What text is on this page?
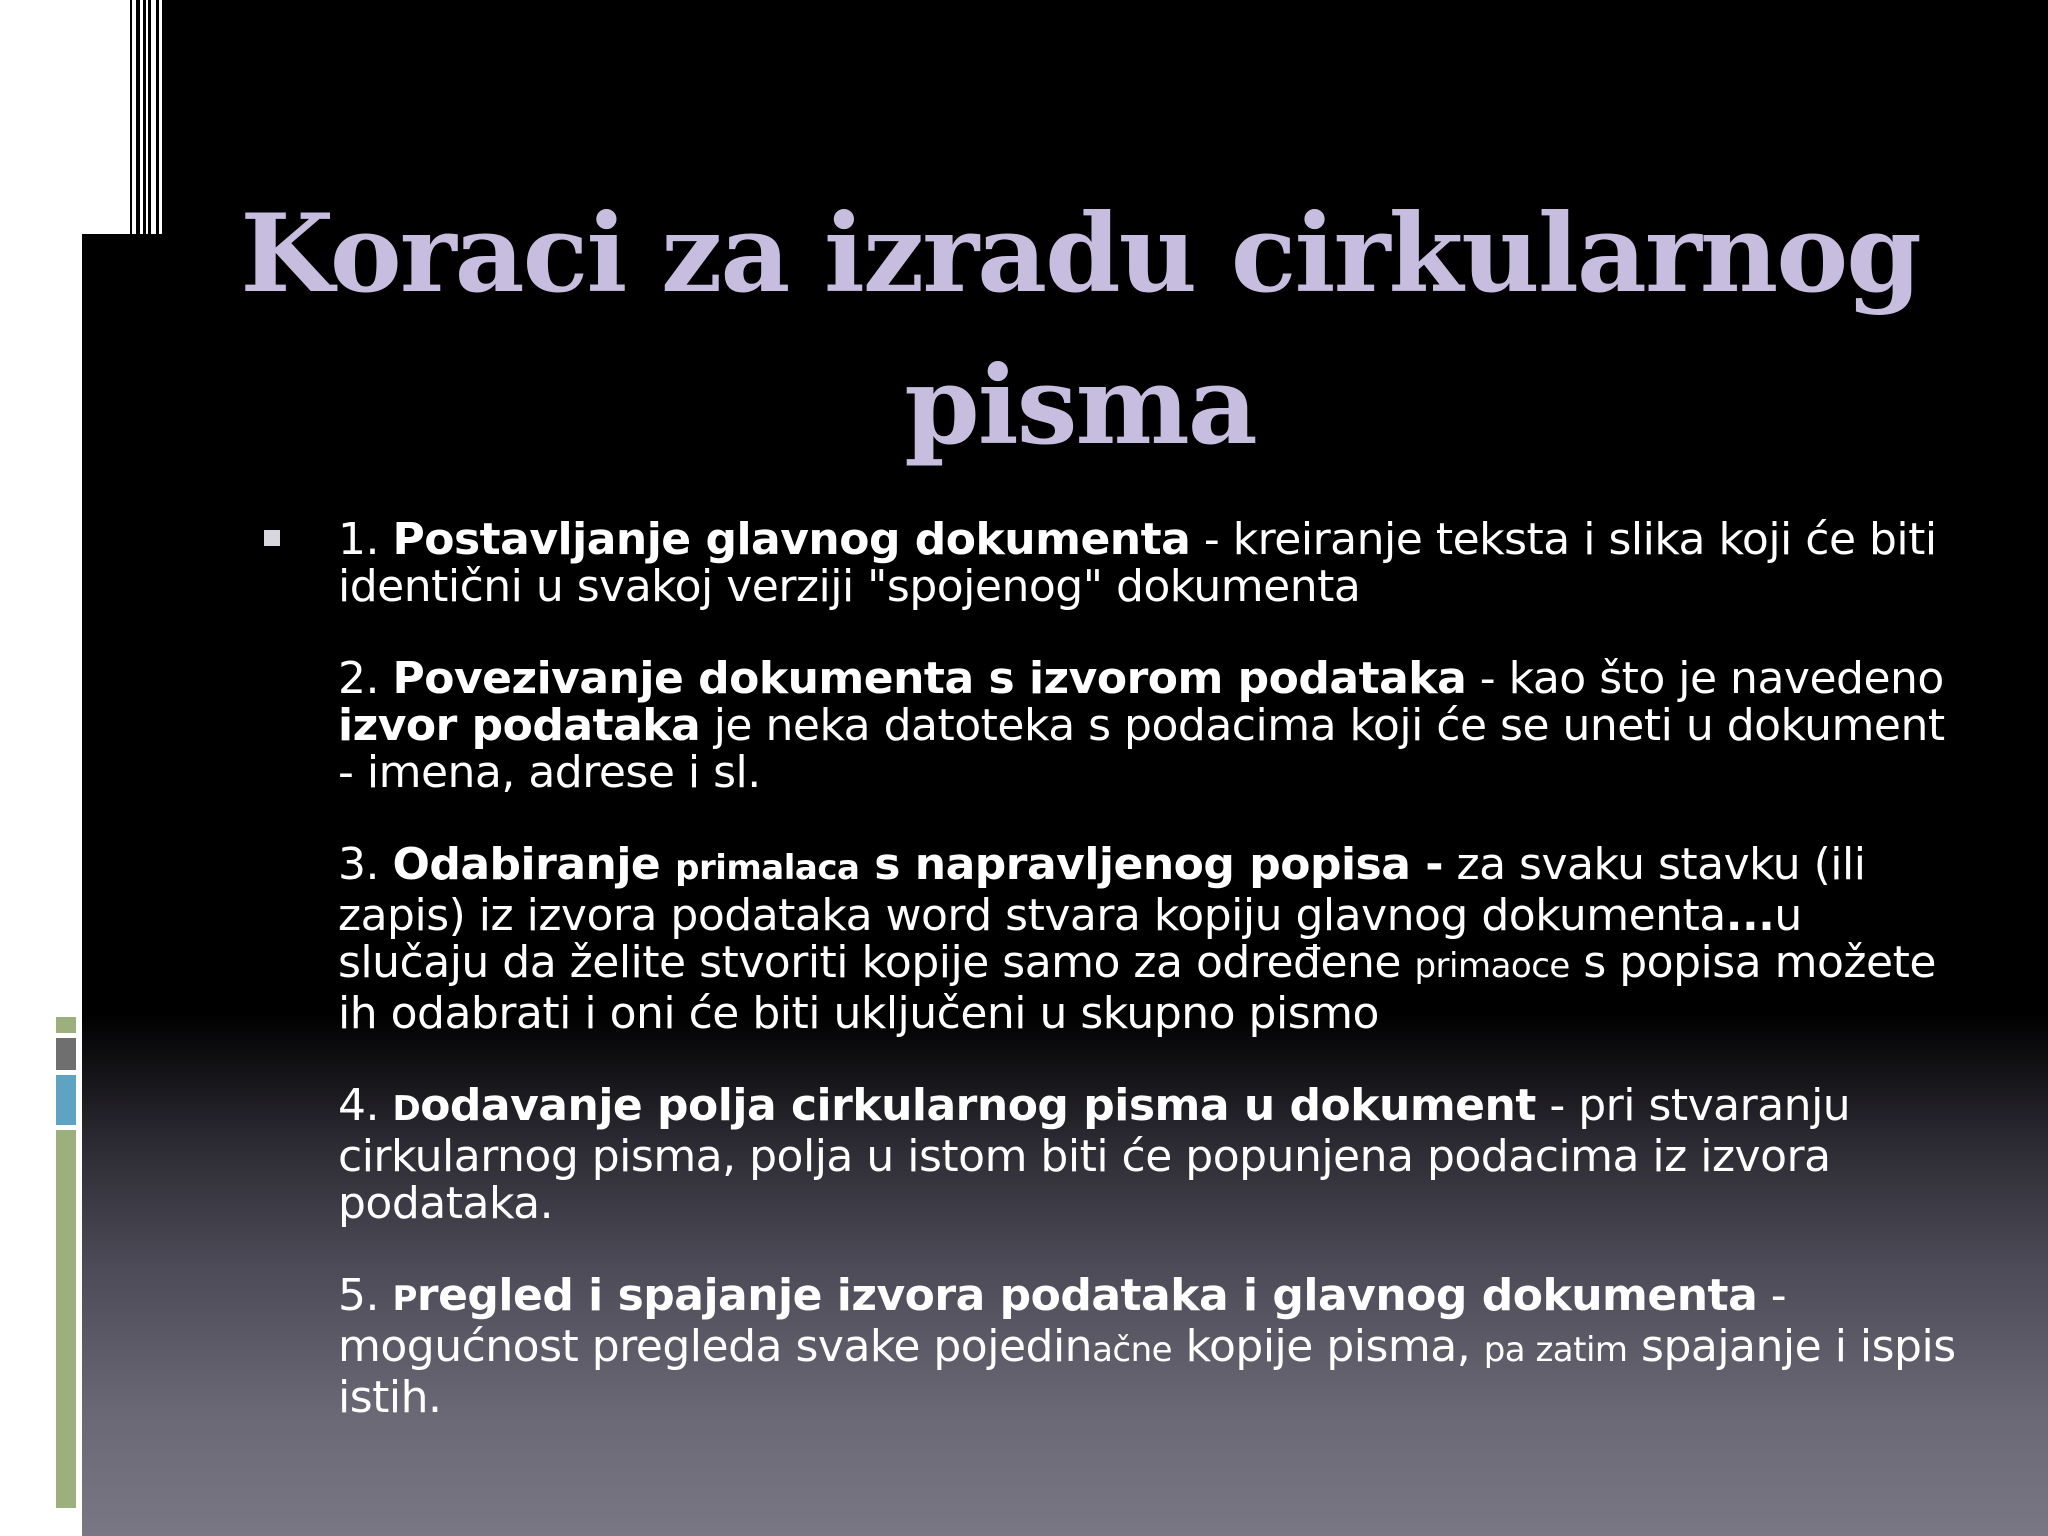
Koraci za izradu cirkularnog
pisma
1. Postavljanje glavnog dokumenta - kreiranje teksta i slika koji će biti identični u svakoj verziji "spojenog" dokumenta
2. Povezivanje dokumenta s izvorom podataka - kao što je navedeno izvor podataka je neka datoteka s podacima koji će se uneti u dokument - imena, adrese i sl.
3. Odabiranje primalaca s napravljenog popisa - za svaku stavku (ili zapis) iz izvora podataka word stvara kopiju glavnog dokumenta...u slučaju da želite stvoriti kopije samo za određene primaoce s popisa možete ih odabrati i oni će biti uključeni u skupno pismo
4. Dodavanje polja cirkularnog pisma u dokument - pri stvaranju cirkularnog pisma, polja u istom biti će popunjena podacima iz izvora podataka.
5. Pregled i spajanje izvora podataka i glavnog dokumenta - mogućnost pregleda svake pojedinačne kopije pisma, pa zatim spajanje i ispis istih.
